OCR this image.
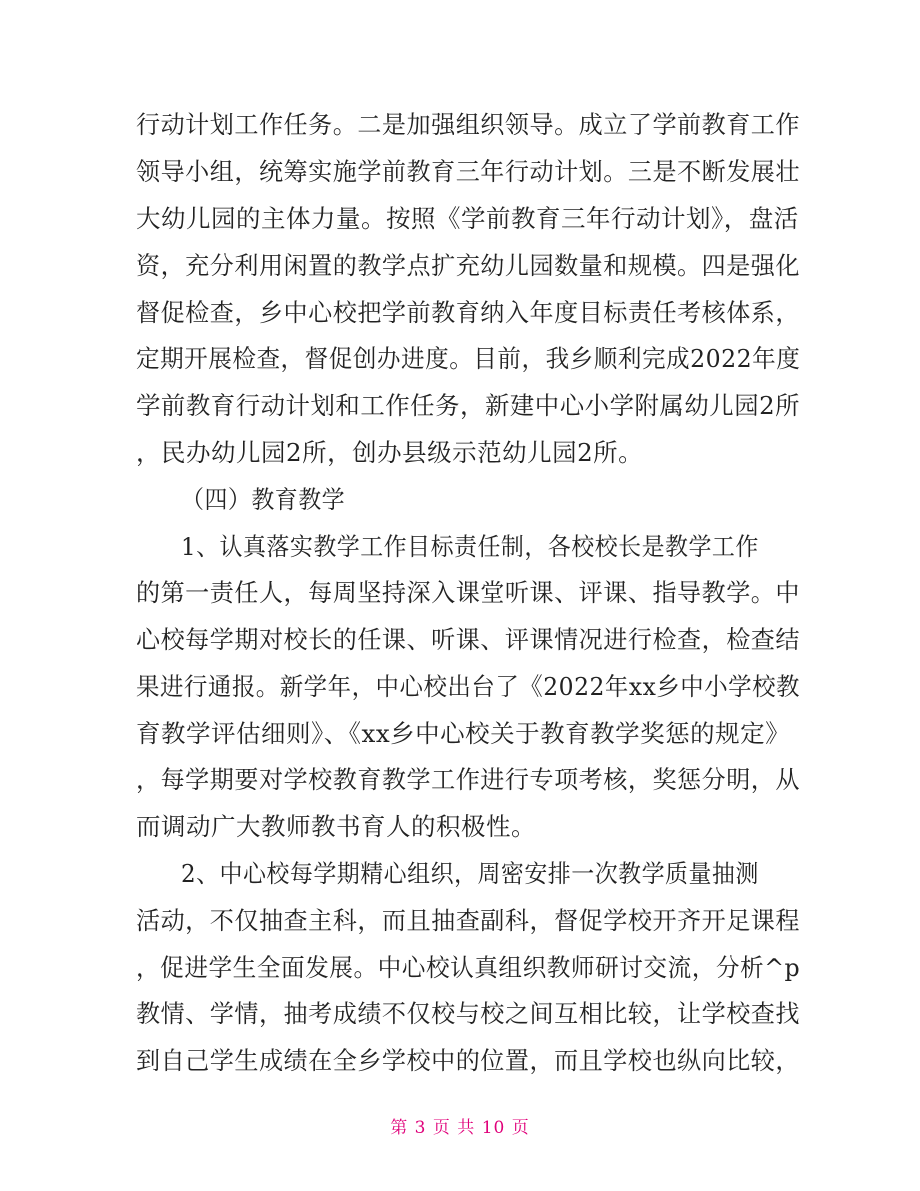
行动计划工作任务。二是加强组织领导。成立了学前教育工作
领导小组，统筹实施学前教育三年行动计划。三是不断发展壮
大幼儿园的主体力量。按照《学前教育三年行动计划》，盘活
资，充分利用闲置的教学点扩充幼儿园数量和规模。四是强化
督促检查，乡中心校把学前教育纳入年度目标责任考核体系，
定期开展检查，督促创办进度。目前，我乡顺利完成2022年度
学前教育行动计划和工作任务，新建中心小学附属幼儿园2所
，民办幼儿园2所，创办县级示范幼儿园2所。
（四）教育教学
1、认真落实教学工作目标责任制，各校校长是教学工作
的第一责任人，每周坚持深入课堂听课、评课、指导教学。中
心校每学期对校长的任课、听课、评课情况进行检查，检查结
果进行通报。新学年，中心校出台了《2022年xx乡中小学校教
育教学评估细则》、《xx乡中心校关于教育教学奖惩的规定》
，每学期要对学校教育教学工作进行专项考核，奖惩分明，从
而调动广大教师教书育人的积极性。
2、中心校每学期精心组织，周密安排一次教学质量抽测
活动，不仅抽查主科，而且抽查副科，督促学校开齐开足课程
，促进学生全面发展。中心校认真组织教师研讨交流，分析^p
教情、学情，抽考成绩不仅校与校之间互相比较，让学校查找
到自己学生成绩在全乡学校中的位置，而且学校也纵向比较，
第 3 页 共 10 页
